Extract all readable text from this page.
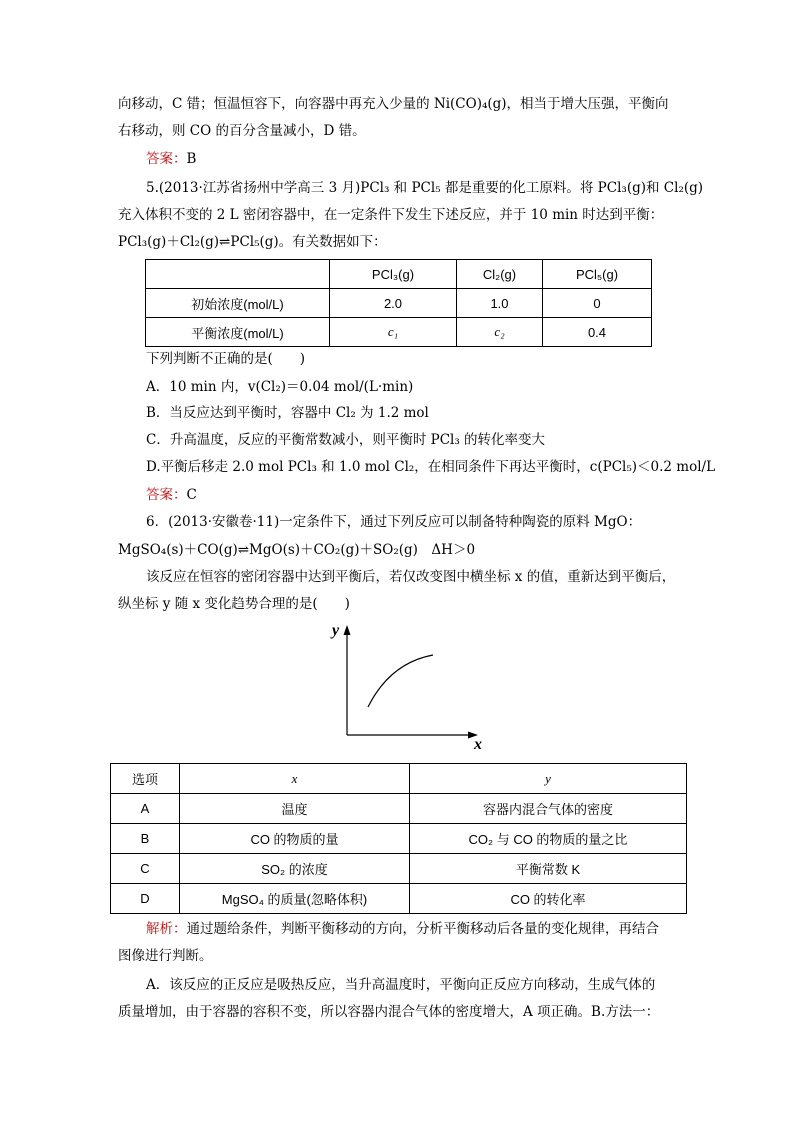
向移动，C 错；恒温恒容下，向容器中再充入少量的 Ni(CO)₄(g)，相当于增大压强，平衡向
右移动，则 CO 的百分含量减小，D 错。
答案：B
5.(2013·江苏省扬州中学高三 3 月)PCl₃ 和 PCl₅ 都是重要的化工原料。将 PCl₃(g)和 Cl₂(g)
充入体积不变的 2 L 密闭容器中，在一定条件下发生下述反应，并于 10 min 时达到平衡：
PCl₃(g)＋Cl₂(g)⇌PCl₅(g)。有关数据如下：
	PCl₃(g)	Cl₂(g)	PCl₅(g)
初始浓度(mol/L)	2.0	1.0	0
平衡浓度(mol/L)	c₁	c₂	0.4
下列判断不正确的是(　　)
A．10 min 内，v(Cl₂)＝0.04 mol/(L·min)
B．当反应达到平衡时，容器中 Cl₂ 为 1.2 mol
C．升高温度，反应的平衡常数减小，则平衡时 PCl₃ 的转化率变大
D.平衡后移走 2.0 mol PCl₃ 和 1.0 mol Cl₂，在相同条件下再达平衡时，c(PCl₅)＜0.2 mol/L
答案：C
6．(2013·安徽卷·11)一定条件下，通过下列反应可以制备特种陶瓷的原料 MgO：
MgSO₄(s)＋CO(g)⇌MgO(s)＋CO₂(g)＋SO₂(g)　ΔH＞0
该反应在恒容的密闭容器中达到平衡后，若仅改变图中横坐标 x 的值，重新达到平衡后，
纵坐标 y 随 x 变化趋势合理的是(　　)
y
x
选项	x	y
A	温度	容器内混合气体的密度
B	CO 的物质的量	CO₂ 与 CO 的物质的量之比
C	SO₂ 的浓度	平衡常数 K
D	MgSO₄ 的质量(忽略体积)	CO 的转化率
解析：通过题给条件，判断平衡移动的方向，分析平衡移动后各量的变化规律，再结合
图像进行判断。
A．该反应的正反应是吸热反应，当升高温度时，平衡向正反应方向移动，生成气体的
质量增加，由于容器的容积不变，所以容器内混合气体的密度增大，A 项正确。B.方法一：
